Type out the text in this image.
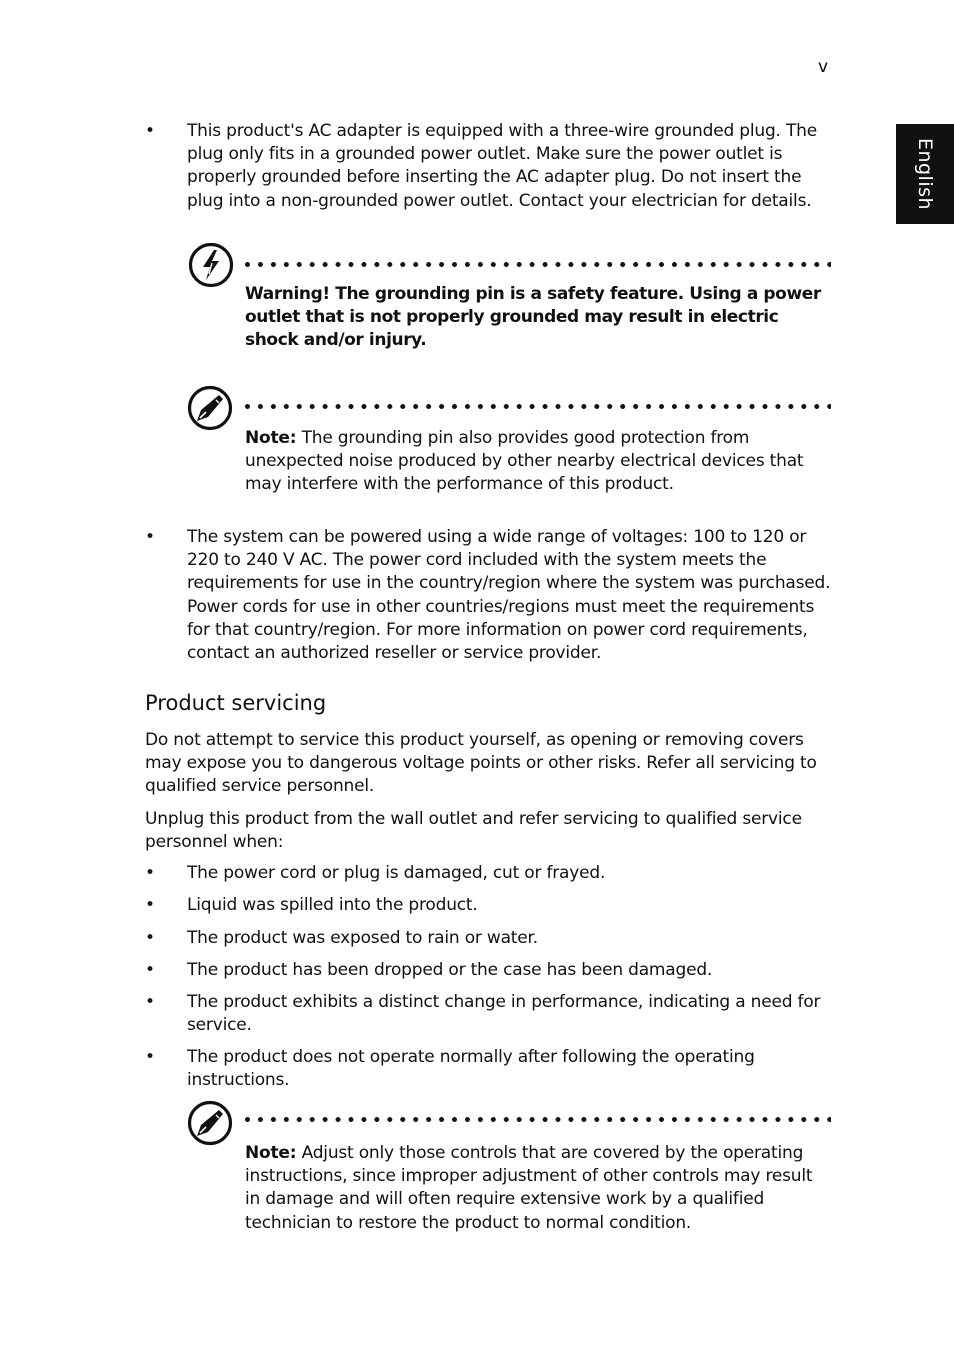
v
English
• This product's AC adapter is equipped with a three-wire grounded plug. The plug only fits in a grounded power outlet. Make sure the power outlet is properly grounded before inserting the AC adapter plug. Do not insert the plug into a non-grounded power outlet. Contact your electrician for details.

Warning! The grounding pin is a safety feature. Using a power outlet that is not properly grounded may result in electric shock and/or injury.

Note: The grounding pin also provides good protection from unexpected noise produced by other nearby electrical devices that may interfere with the performance of this product.

• The system can be powered using a wide range of voltages: 100 to 120 or 220 to 240 V AC. The power cord included with the system meets the requirements for use in the country/region where the system was purchased. Power cords for use in other countries/regions must meet the requirements for that country/region. For more information on power cord requirements, contact an authorized reseller or service provider.

Product servicing

Do not attempt to service this product yourself, as opening or removing covers may expose you to dangerous voltage points or other risks. Refer all servicing to qualified service personnel.

Unplug this product from the wall outlet and refer servicing to qualified service personnel when:

• The power cord or plug is damaged, cut or frayed.

• Liquid was spilled into the product.

• The product was exposed to rain or water.

• The product has been dropped or the case has been damaged.

• The product exhibits a distinct change in performance, indicating a need for service.

• The product does not operate normally after following the operating instructions.

Note: Adjust only those controls that are covered by the operating instructions, since improper adjustment of other controls may result in damage and will often require extensive work by a qualified technician to restore the product to normal condition.
